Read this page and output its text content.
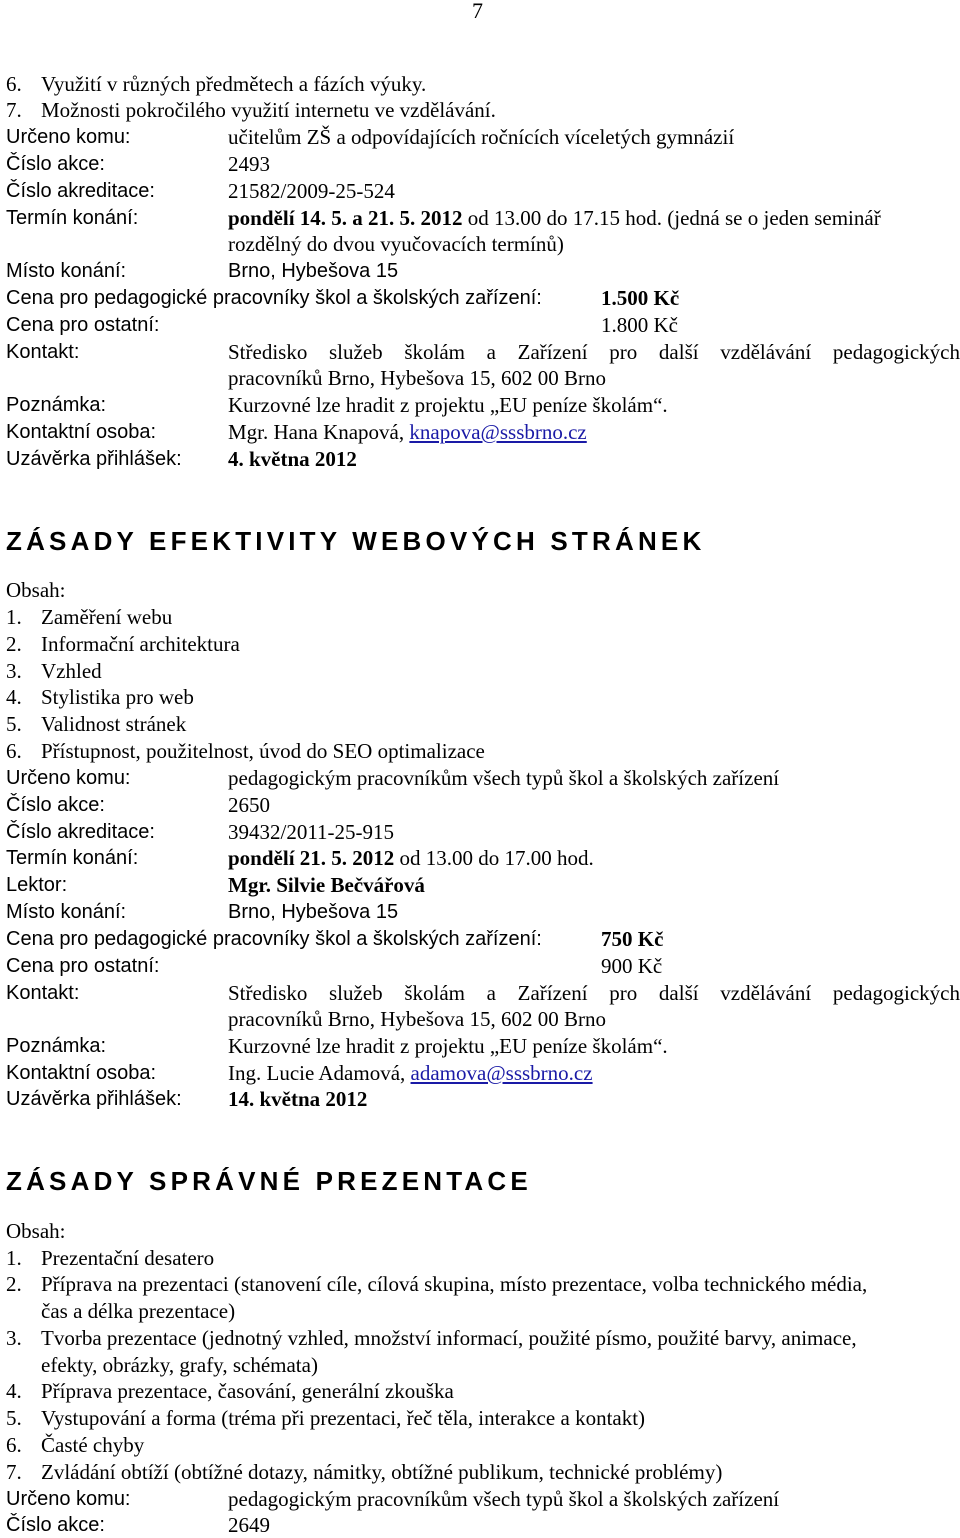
7
6. Využití v různých předmětech a fázích výuky.
7. Možnosti pokročilého využití internetu ve vzdělávání.
Určeno komu:	učitelům ZŠ a odpovídajících ročnících víceletých gymnázií
Číslo akce:	2493
Číslo akreditace:	21582/2009-25-524
Termín konání:	pondělí 14. 5. a 21. 5. 2012 od 13.00 do 17.15 hod. (jedná se o jeden seminář
rozdělný do dvou vyučovacích termínů)
Místo konání:	Brno, Hybešova 15
Cena pro pedagogické pracovníky škol a školských zařízení:	1.500 Kč
Cena pro ostatní:	1.800 Kč
Kontakt:	Středisko služeb školám a Zařízení pro další vzdělávání pedagogických
pracovníků Brno, Hybešova 15, 602 00 Brno
Poznámka:	Kurzovné lze hradit z projektu „EU peníze školám“.
Kontaktní osoba:	Mgr. Hana Knapová, knapova@sssbrno.cz
Uzávěrka přihlášek: 4. května 2012
ZÁSADY EFEKTIVITY WEBOVÝCH STRÁNEK
Obsah:
1. Zaměření webu
2. Informační architektura
3. Vzhled
4. Stylistika pro web
5. Validnost stránek
6. Přístupnost, použitelnost, úvod do SEO optimalizace
Určeno komu:	pedagogickým pracovníkům všech typů škol a školských zařízení
Číslo akce:	2650
Číslo akreditace:	39432/2011-25-915
Termín konání:	pondělí 21. 5. 2012 od 13.00 do 17.00 hod.
Lektor:	Mgr. Silvie Bečvářová
Místo konání:	Brno, Hybešova 15
Cena pro pedagogické pracovníky škol a školských zařízení:	750 Kč
Cena pro ostatní:	900 Kč
Kontakt:	Středisko služeb školám a Zařízení pro další vzdělávání pedagogických
pracovníků Brno, Hybešova 15, 602 00 Brno
Poznámka:	Kurzovné lze hradit z projektu „EU peníze školám“.
Kontaktní osoba:	Ing. Lucie Adamová, adamova@sssbrno.cz
Uzávěrka přihlášek: 14. května 2012
ZÁSADY SPRÁVNÉ PREZENTACE
Obsah:
1. Prezentační desatero
2. Příprava na prezentaci (stanovení cíle, cílová skupina, místo prezentace, volba technického média,
čas a délka prezentace)
3. Tvorba prezentace (jednotný vzhled, množství informací, použité písmo, použité barvy, animace,
efekty, obrázky, grafy, schémata)
4. Příprava prezentace, časování, generální zkouška
5. Vystupování a forma (tréma při prezentaci, řeč těla, interakce a kontakt)
6. Časté chyby
7. Zvládání obtíží (obtížné dotazy, námitky, obtížné publikum, technické problémy)
Určeno komu:	pedagogickým pracovníkům všech typů škol a školských zařízení
Číslo akce:	2649
